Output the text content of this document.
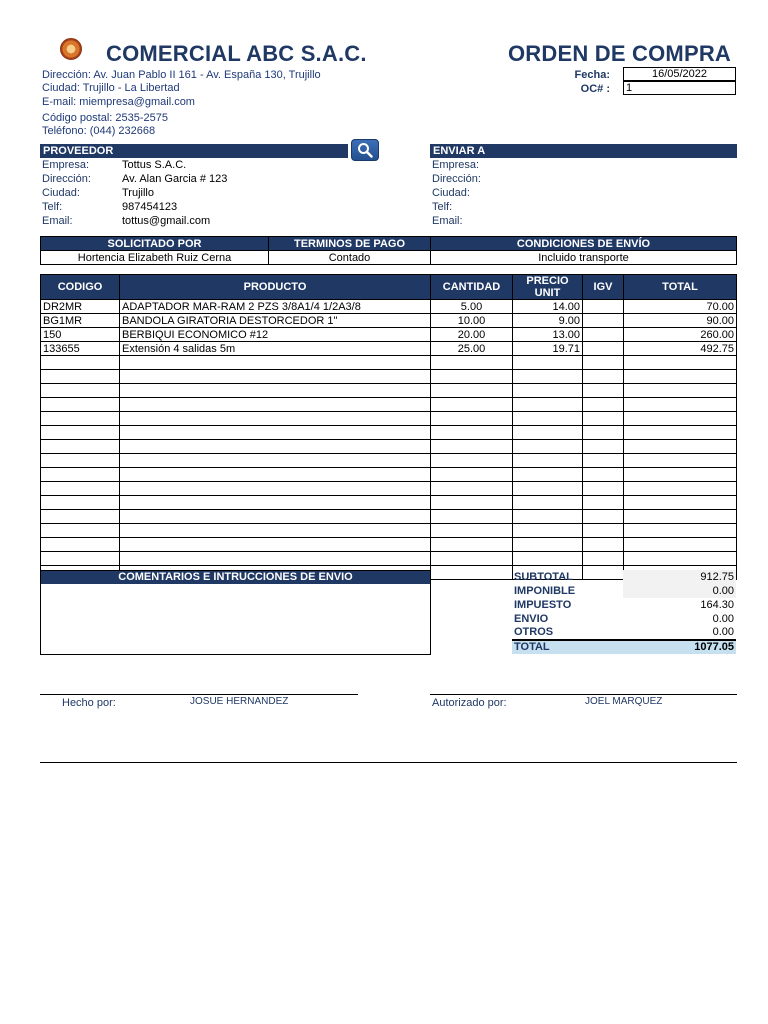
COMERCIAL ABC S.A.C.	ORDEN DE COMPRA
Dirección: Av. Juan Pablo II 161 - Av. España 130, Trujillo
Ciudad: Trujillo - La Libertad
E-mail: miempresa@gmail.com
Código postal: 2535-2575
Teléfono: (044) 232668
Fecha:	16/05/2022
OC# : 1
PROVEEDOR	ENVIAR A
Empresa:	Tottus S.A.C.
Dirección:	Av. Alan Garcia # 123
Ciudad:	Trujillo
Telf:	987454123
Email:	tottus@gmail.com
Empresa:	
Dirección:	
Ciudad:	
Telf:	
Email:	
SOLICITADO POR	TERMINOS DE PAGO	CONDICIONES DE ENVÍO
Hortencia Elizabeth Ruiz Cerna	Contado	Incluido transporte
CODIGO	PRODUCTO	CANTIDAD	PRECIO UNIT	IGV	TOTAL
DR2MR	ADAPTADOR MAR-RAM 2 PZS 3/8A1/4 1/2A3/8	5.00	14.00		70.00
BG1MR	BANDOLA GIRATORIA DESTORCEDOR 1"	10.00	9.00		90.00
150	BERBIQUI ECONOMICO #12	20.00	13.00		260.00
133655	Extensión 4 salidas 5m	25.00	19.71		492.75

COMENTARIOS E INTRUCCIONES DE ENVIO	SUBTOTAL	912.75
IMPONIBLE	0.00
IMPUESTO	164.30
ENVIO	0.00
OTROS	0.00
TOTAL	1077.05
Hecho por:	JOSUE HERNANDEZ	Autorizado por:	JOEL MARQUEZ
